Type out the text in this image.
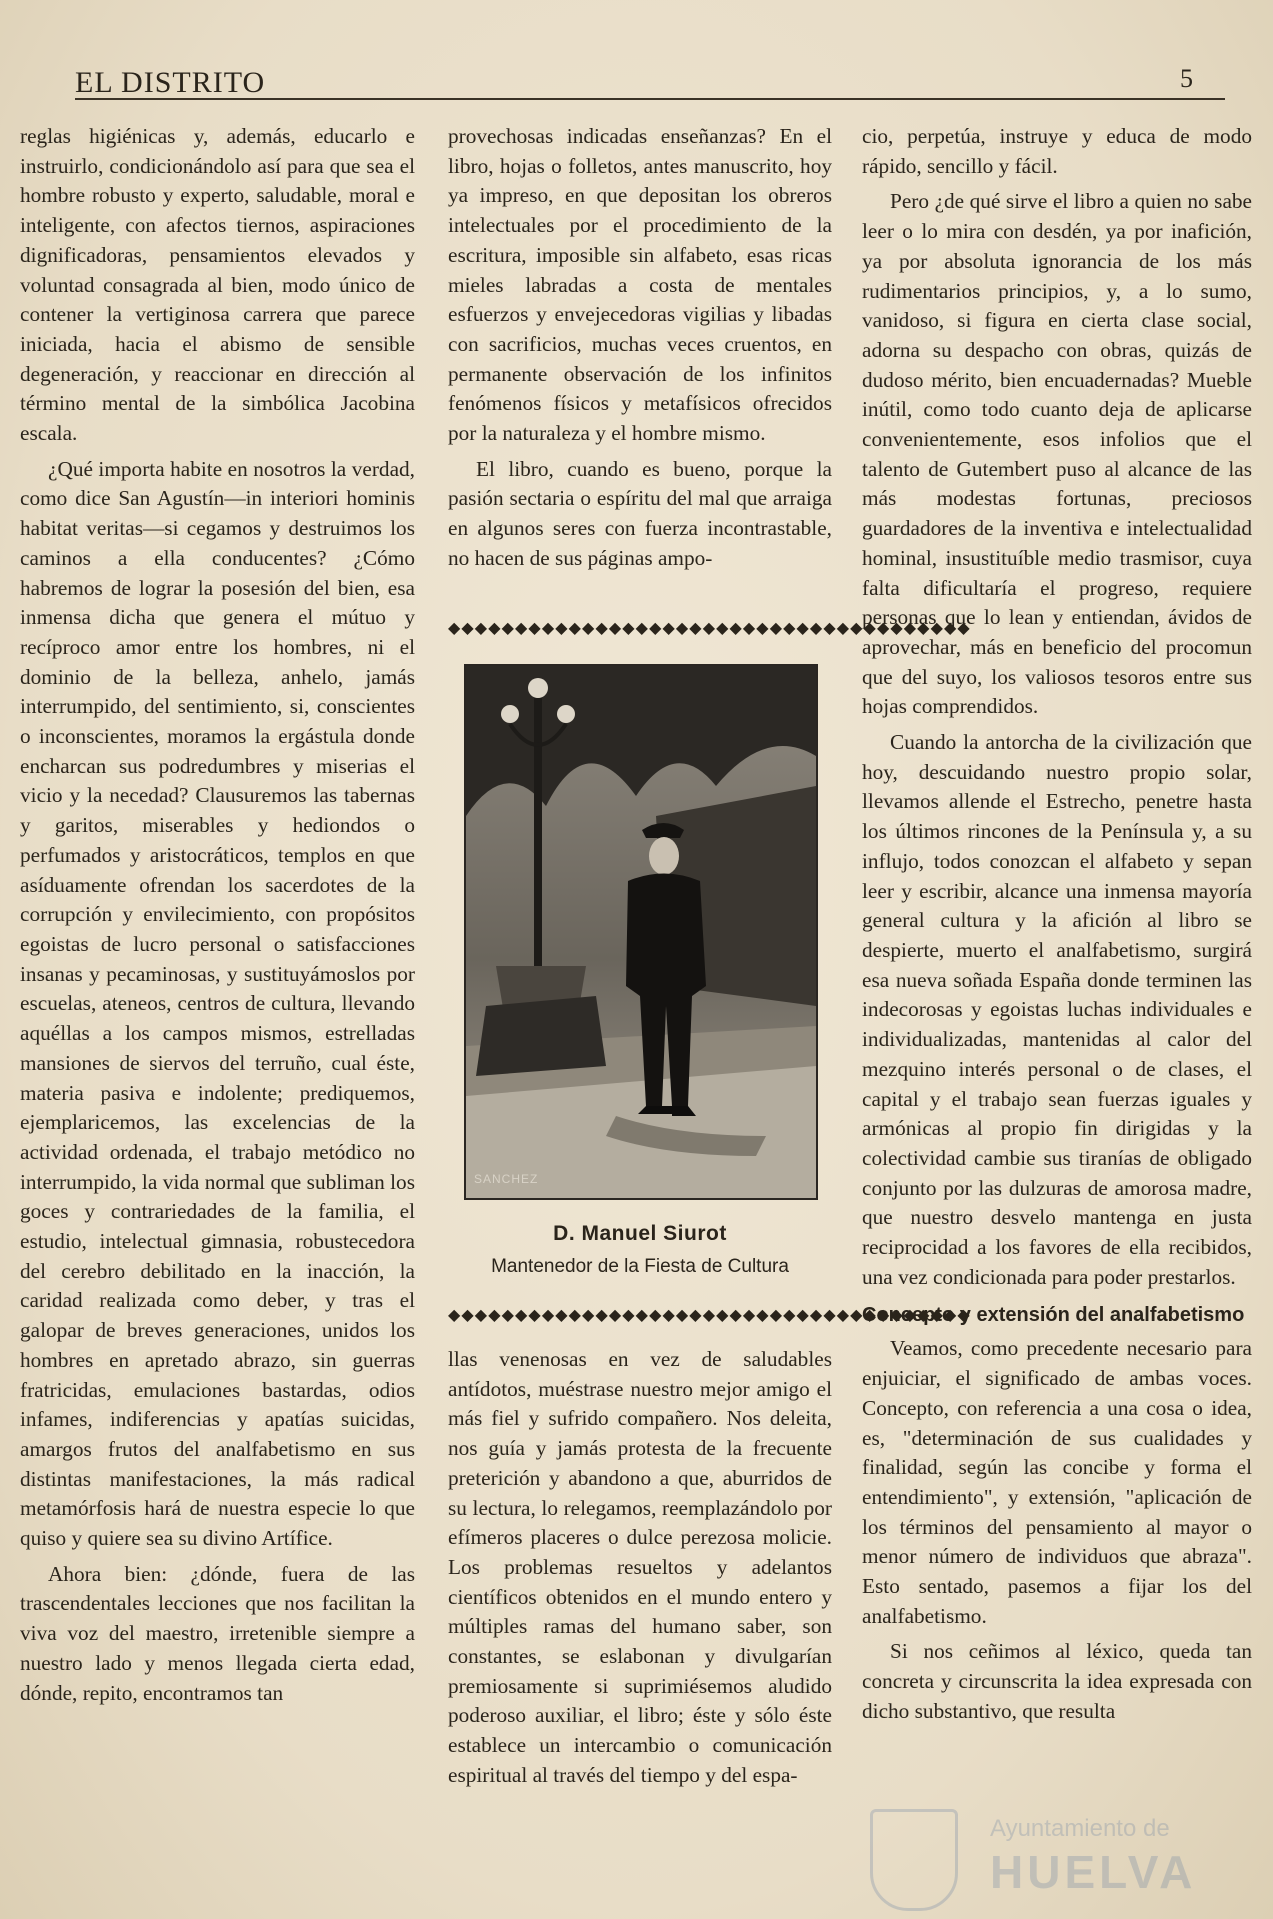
EL DISTRITO	5

reglas higiénicas y, además, educarlo e instruirlo, condicionándolo así para que sea el hombre robusto y experto, saludable, moral e inteligente, con afectos tiernos, aspiraciones dignificadoras, pensamientos elevados y voluntad consagrada al bien, modo único de contener la vertiginosa carrera que parece iniciada, hacia el abismo de sensible degeneración, y reaccionar en dirección al término mental de la simbólica Jacobina escala.

¿Qué importa habite en nosotros la verdad, como dice San Agustín—in interiori hominis habitat veritas—si cegamos y destruimos los caminos a ella conducentes? ¿Cómo habremos de lograr la posesión del bien, esa inmensa dicha que genera el mútuo y recíproco amor entre los hombres, ni el dominio de la belleza, anhelo, jamás interrumpido, del sentimiento, si, conscientes o inconscientes, moramos la ergástula donde encharcan sus podredumbres y miserias el vicio y la necedad? Clausuremos las tabernas y garitos, miserables y hediondos o perfumados y aristocráticos, templos en que asíduamente ofrendan los sacerdotes de la corrupción y envilecimiento, con propósitos egoistas de lucro personal o satisfacciones insanas y pecaminosas, y sustituyámoslos por escuelas, ateneos, centros de cultura, llevando aquéllas a los campos mismos, estrelladas mansiones de siervos del terruño, cual éste, materia pasiva e indolente; prediquemos, ejemplaricemos, las excelencias de la actividad ordenada, el trabajo metódico no interrumpido, la vida normal que subliman los goces y contrariedades de la familia, el estudio, intelectual gimnasia, robustecedora del cerebro debilitado en la inacción, la caridad realizada como deber, y tras el galopar de breves generaciones, unidos los hombres en apretado abrazo, sin guerras fratricidas, emulaciones bastardas, odios infames, indiferencias y apatías suicidas, amargos frutos del analfabetismo en sus distintas manifestaciones, la más radical metamórfosis hará de nuestra especie lo que quiso y quiere sea su divino Artífice.

Ahora bien: ¿dónde, fuera de las trascendentales lecciones que nos facilitan la viva voz del maestro, irretenible siempre a nuestro lado y menos llegada cierta edad, dónde, repito, encontramos tan

provechosas indicadas enseñanzas? En el libro, hojas o folletos, antes manuscrito, hoy ya impreso, en que depositan los obreros intelectuales por el procedimiento de la escritura, imposible sin alfabeto, esas ricas mieles labradas a costa de mentales esfuerzos y envejecedoras vigilias y libadas con sacrificios, muchas veces cruentos, en permanente observación de los infinitos fenómenos físicos y metafísicos ofrecidos por la naturaleza y el hombre mismo.

El libro, cuando es bueno, porque la pasión sectaria o espíritu del mal que arraiga en algunos seres con fuerza incontrastable, no hacen de sus páginas ampo-

◆◆◆◆◆◆◆◆◆◆◆◆◆◆◆◆◆◆◆◆◆◆◆◆◆◆◆◆◆◆◆◆◆◆◆◆◆◆◆
SANCHEZ
D. Manuel Siurot
Mantenedor de la Fiesta de Cultura
◆◆◆◆◆◆◆◆◆◆◆◆◆◆◆◆◆◆◆◆◆◆◆◆◆◆◆◆◆◆◆◆◆◆◆◆◆◆◆

llas venenosas en vez de saludables antídotos, muéstrase nuestro mejor amigo el más fiel y sufrido compañero. Nos deleita, nos guía y jamás protesta de la frecuente preterición y abandono a que, aburridos de su lectura, lo relegamos, reemplazándolo por efímeros placeres o dulce perezosa molicie. Los problemas resueltos y adelantos científicos obtenidos en el mundo entero y múltiples ramas del humano saber, son constantes, se eslabonan y divulgarían premiosamente si suprimiésemos aludido poderoso auxiliar, el libro; éste y sólo éste establece un intercambio o comunicación espiritual al través del tiempo y del espa-

cio, perpetúa, instruye y educa de modo rápido, sencillo y fácil.

Pero ¿de qué sirve el libro a quien no sabe leer o lo mira con desdén, ya por inafición, ya por absoluta ignorancia de los más rudimentarios principios, y, a lo sumo, vanidoso, si figura en cierta clase social, adorna su despacho con obras, quizás de dudoso mérito, bien encuadernadas? Mueble inútil, como todo cuanto deja de aplicarse convenientemente, esos infolios que el talento de Gutembert puso al alcance de las más modestas fortunas, preciosos guardadores de la inventiva e intelectualidad hominal, insustituíble medio trasmisor, cuya falta dificultaría el progreso, requiere personas que lo lean y entiendan, ávidos de aprovechar, más en beneficio del procomun que del suyo, los valiosos tesoros entre sus hojas comprendidos.

Cuando la antorcha de la civilización que hoy, descuidando nuestro propio solar, llevamos allende el Estrecho, penetre hasta los últimos rincones de la Península y, a su influjo, todos conozcan el alfabeto y sepan leer y escribir, alcance una inmensa mayoría general cultura y la afición al libro se despierte, muerto el analfabetismo, surgirá esa nueva soñada España donde terminen las indecorosas y egoistas luchas individuales e individualizadas, mantenidas al calor del mezquino interés personal o de clases, el capital y el trabajo sean fuerzas iguales y armónicas al propio fin dirigidas y la colectividad cambie sus tiranías de obligado conjunto por las dulzuras de amorosa madre, que nuestro desvelo mantenga en justa reciprocidad a los favores de ella recibidos, una vez condicionada para poder prestarlos.

Concepto y extensión del analfabetismo

Veamos, como precedente necesario para enjuiciar, el significado de ambas voces. Concepto, con referencia a una cosa o idea, es, "determinación de sus cualidades y finalidad, según las concibe y forma el entendimiento", y extensión, "aplicación de los términos del pensamiento al mayor o menor número de individuos que abraza". Esto sentado, pasemos a fijar los del analfabetismo.

Si nos ceñimos al léxico, queda tan concreta y circunscrita la idea expresada con dicho substantivo, que resulta

Ayuntamiento de
HUELVA
